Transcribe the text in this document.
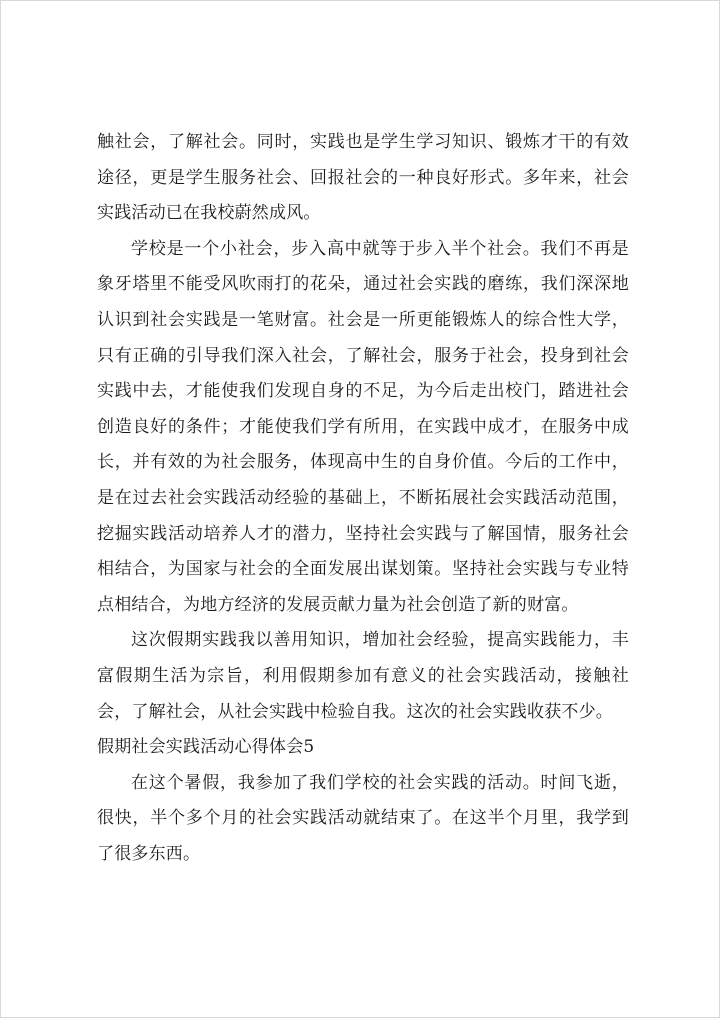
触社会，了解社会。同时，实践也是学生学习知识、锻炼才干的有效途径，更是学生服务社会、回报社会的一种良好形式。多年来，社会实践活动已在我校蔚然成风。

学校是一个小社会，步入高中就等于步入半个社会。我们不再是象牙塔里不能受风吹雨打的花朵，通过社会实践的磨练，我们深深地认识到社会实践是一笔财富。社会是一所更能锻炼人的综合性大学，只有正确的引导我们深入社会，了解社会，服务于社会，投身到社会实践中去，才能使我们发现自身的不足，为今后走出校门，踏进社会创造良好的条件；才能使我们学有所用，在实践中成才，在服务中成长，并有效的为社会服务，体现高中生的自身价值。今后的工作中，是在过去社会实践活动经验的基础上，不断拓展社会实践活动范围，挖掘实践活动培养人才的潜力，坚持社会实践与了解国情，服务社会相结合，为国家与社会的全面发展出谋划策。坚持社会实践与专业特点相结合，为地方经济的发展贡献力量为社会创造了新的财富。

这次假期实践我以善用知识，增加社会经验，提高实践能力，丰富假期生活为宗旨，利用假期参加有意义的社会实践活动，接触社会，了解社会，从社会实践中检验自我。这次的社会实践收获不少。

假期社会实践活动心得体会5

在这个暑假，我参加了我们学校的社会实践的活动。时间飞逝，很快，半个多个月的社会实践活动就结束了。在这半个月里，我学到了很多东西。
